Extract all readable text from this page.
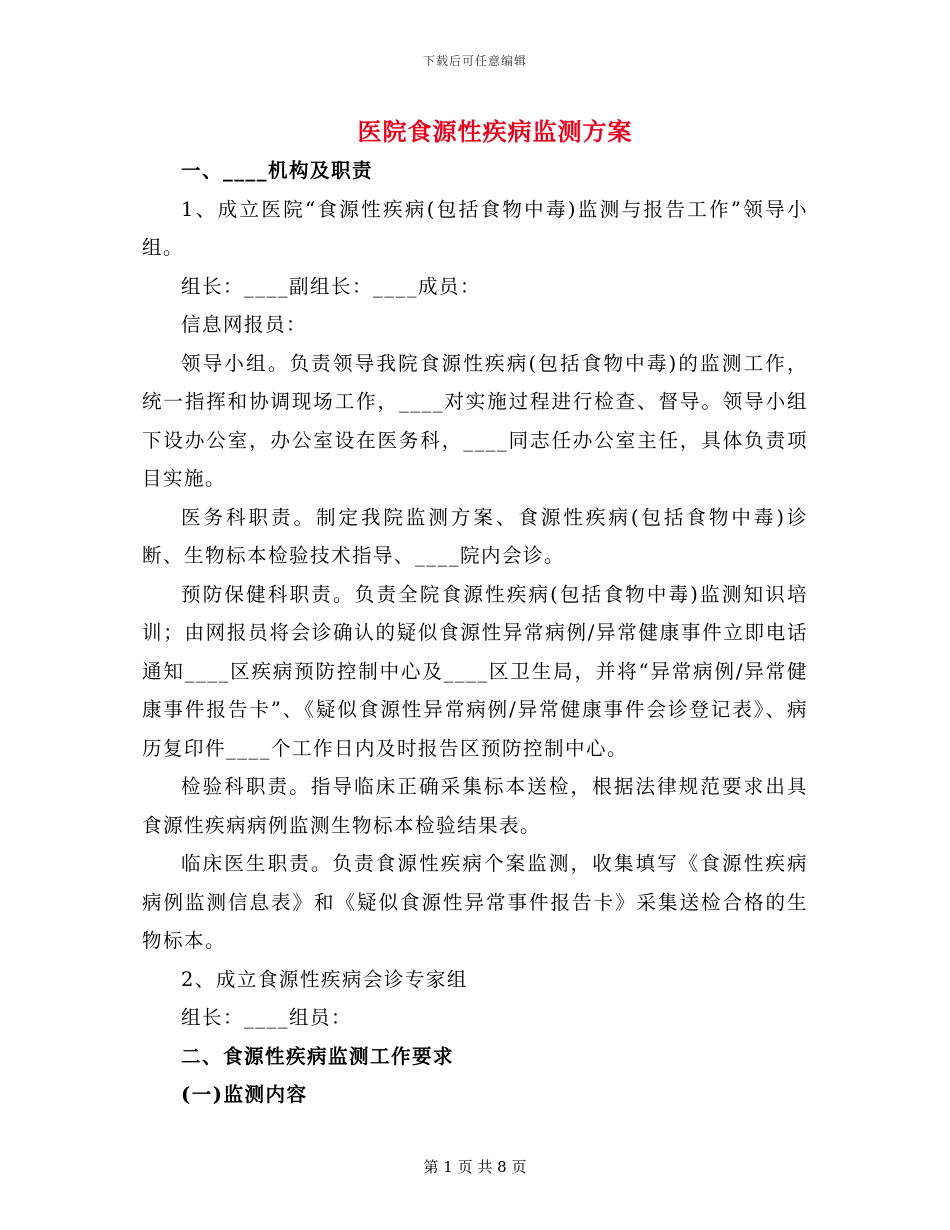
下载后可任意编辑
医院食源性疾病监测方案

一、____机构及职责

1、成立医院“食源性疾病(包括食物中毒)监测与报告工作”领导小组。

组长：____副组长：____成员：

信息网报员：

领导小组。负责领导我院食源性疾病(包括食物中毒)的监测工作，统一指挥和协调现场工作，____对实施过程进行检查、督导。领导小组下设办公室，办公室设在医务科，____同志任办公室主任，具体负责项目实施。

医务科职责。制定我院监测方案、食源性疾病(包括食物中毒)诊断、生物标本检验技术指导、____院内会诊。

预防保健科职责。负责全院食源性疾病(包括食物中毒)监测知识培训；由网报员将会诊确认的疑似食源性异常病例/异常健康事件立即电话通知____区疾病预防控制中心及____区卫生局，并将“异常病例/异常健康事件报告卡”、《疑似食源性异常病例/异常健康事件会诊登记表》、病历复印件____个工作日内及时报告区预防控制中心。

检验科职责。指导临床正确采集标本送检，根据法律规范要求出具食源性疾病病例监测生物标本检验结果表。

临床医生职责。负责食源性疾病个案监测，收集填写《食源性疾病病例监测信息表》和《疑似食源性异常事件报告卡》采集送检合格的生物标本。

2、成立食源性疾病会诊专家组

组长：____组员：

二、食源性疾病监测工作要求

(一)监测内容

第 1 页 共 8 页
